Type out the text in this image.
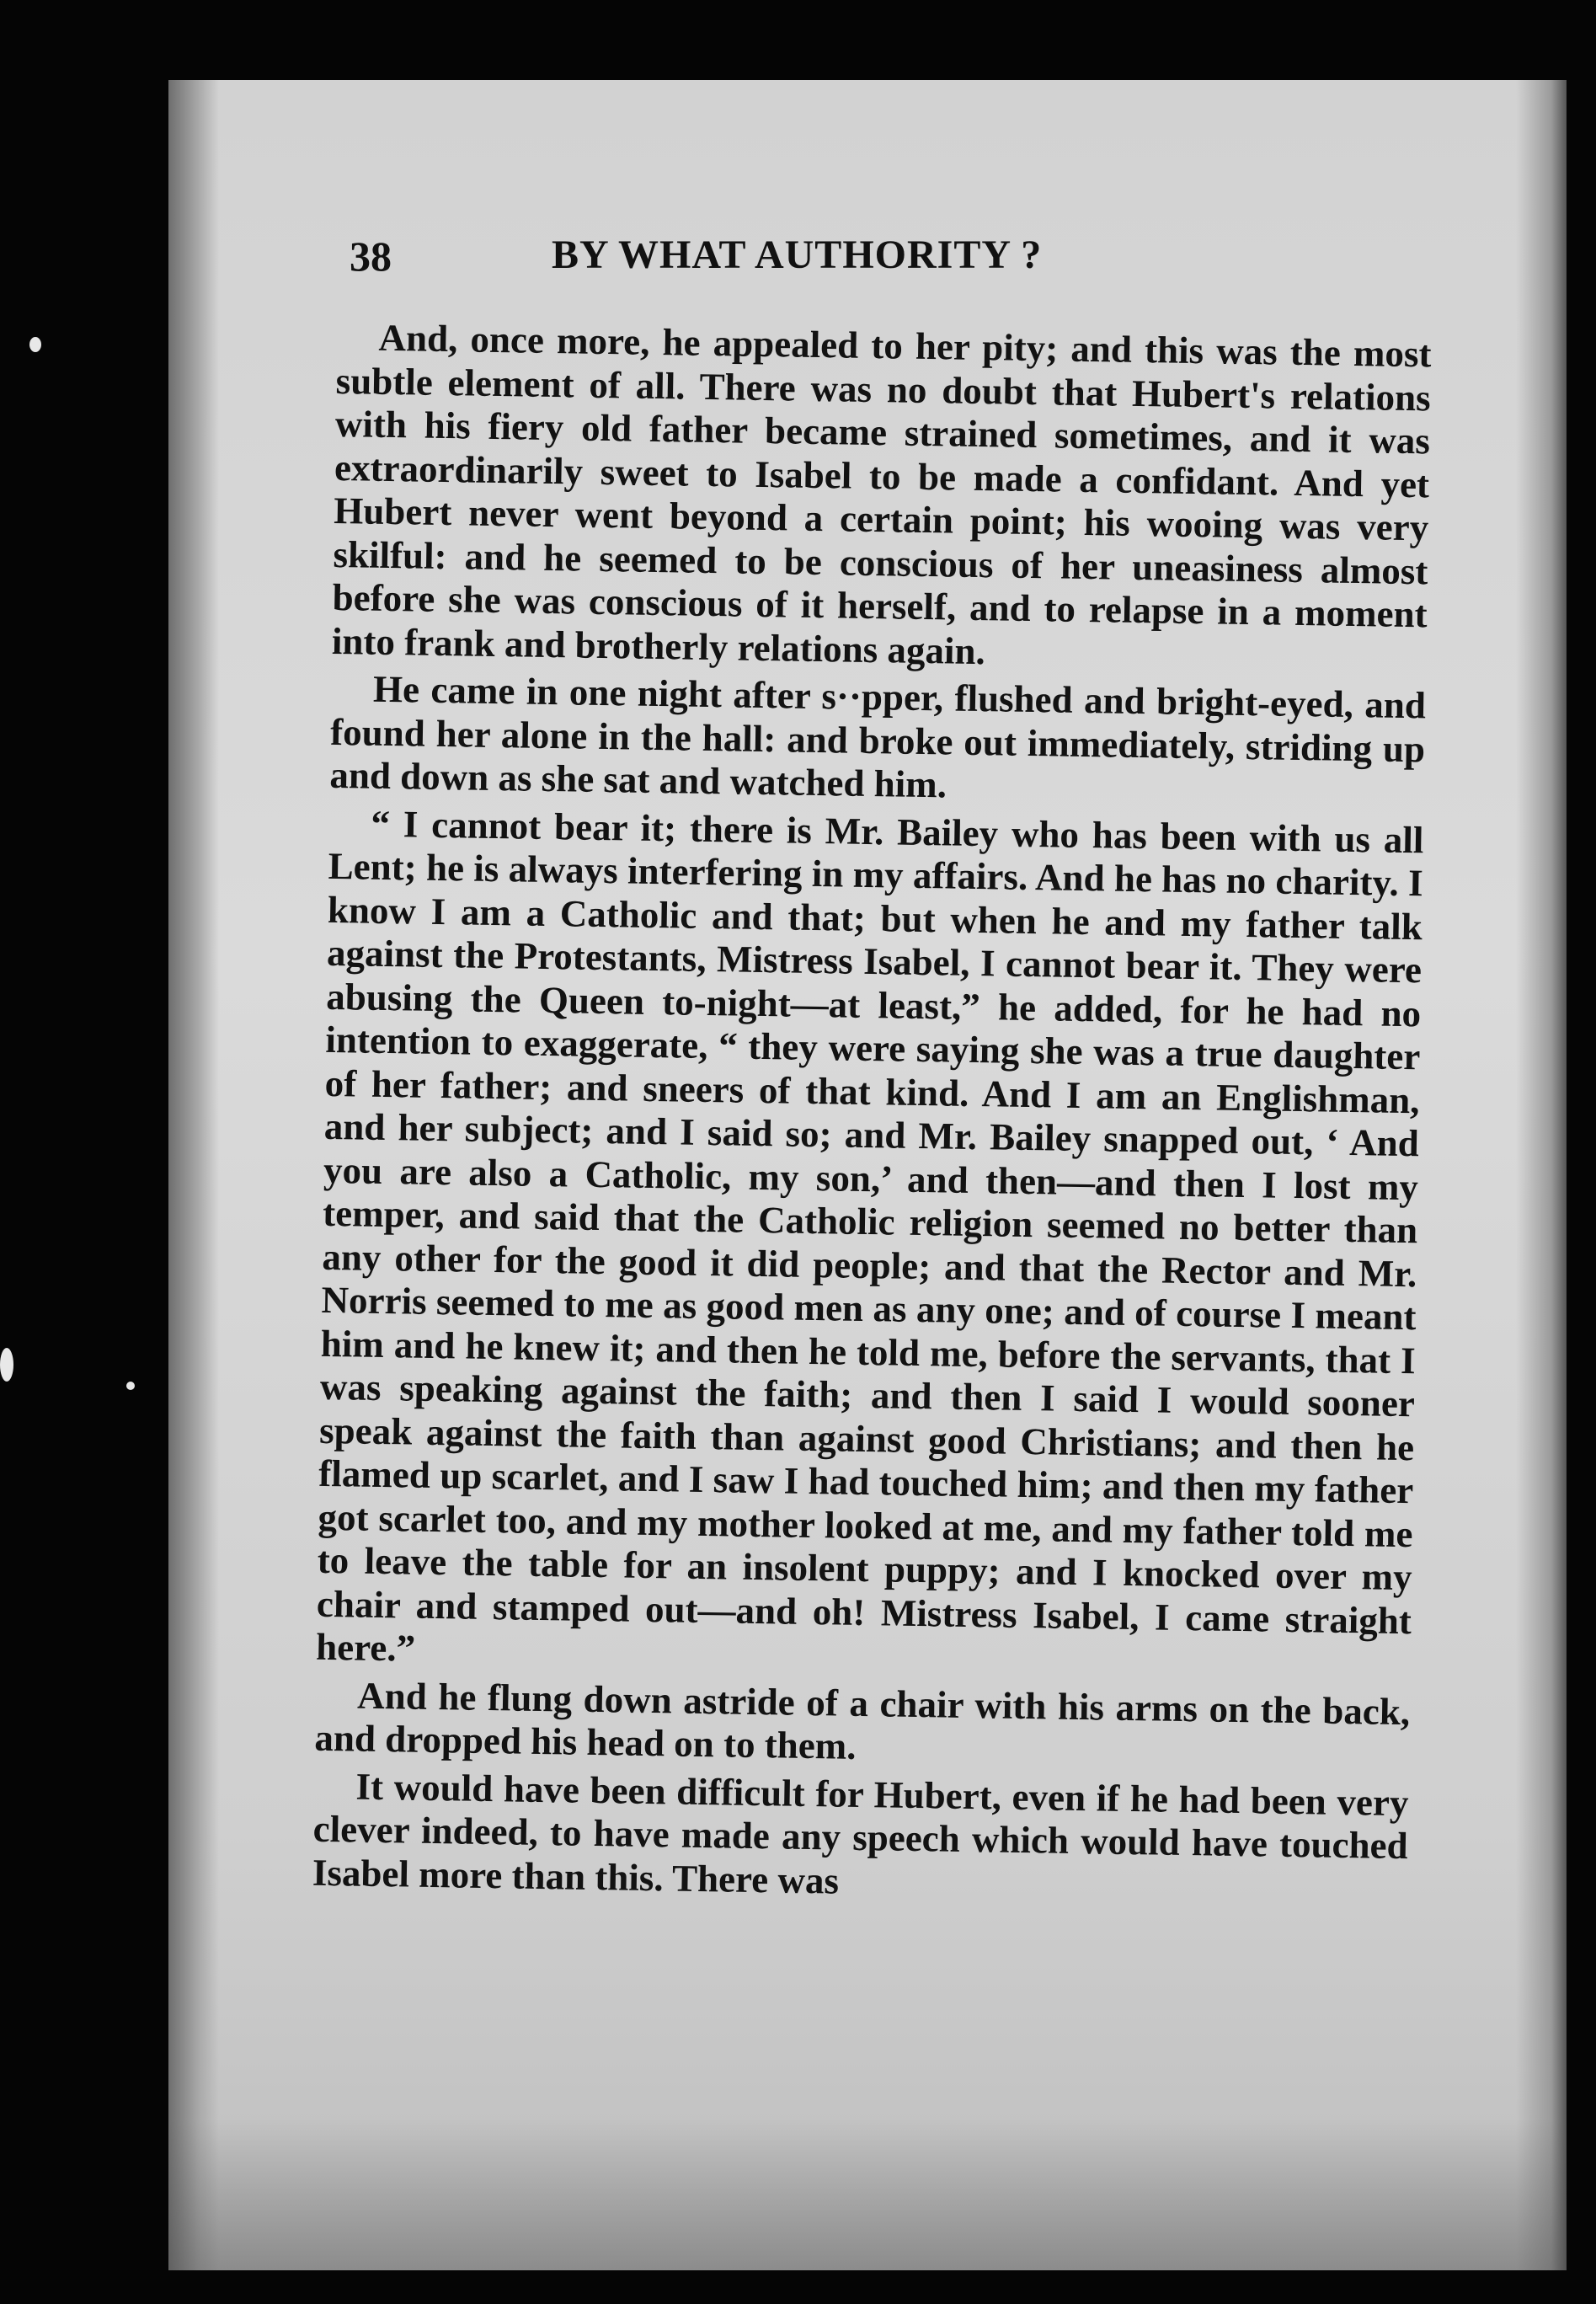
38	BY WHAT AUTHORITY ?

And, once more, he appealed to her pity; and this was the most subtle element of all. There was no doubt that Hubert's relations with his fiery old father became strained sometimes, and it was extraordinarily sweet to Isabel to be made a confidant. And yet Hubert never went beyond a certain point; his wooing was very skilful: and he seemed to be conscious of her uneasiness almost before she was conscious of it herself, and to relapse in a moment into frank and brotherly relations again.

He came in one night after s··pper, flushed and bright-eyed, and found her alone in the hall: and broke out immediately, striding up and down as she sat and watched him.

“ I cannot bear it; there is Mr. Bailey who has been with us all Lent; he is always interfering in my affairs. And he has no charity. I know I am a Catholic and that; but when he and my father talk against the Protestants, Mistress Isabel, I cannot bear it. They were abusing the Queen to-night—at least,” he added, for he had no intention to exaggerate, “ they were saying she was a true daughter of her father; and sneers of that kind. And I am an Englishman, and her subject; and I said so; and Mr. Bailey snapped out, ‘ And you are also a Catholic, my son,’ and then—and then I lost my temper, and said that the Catholic religion seemed no better than any other for the good it did people; and that the Rector and Mr. Norris seemed to me as good men as any one; and of course I meant him and he knew it; and then he told me, before the servants, that I was speaking against the faith; and then I said I would sooner speak against the faith than against good Christians; and then he flamed up scarlet, and I saw I had touched him; and then my father got scarlet too, and my mother looked at me, and my father told me to leave the table for an insolent puppy; and I knocked over my chair and stamped out—and oh! Mistress Isabel, I came straight here.”

And he flung down astride of a chair with his arms on the back, and dropped his head on to them.

It would have been difficult for Hubert, even if he had been very clever indeed, to have made any speech which would have touched Isabel more than this. There was
